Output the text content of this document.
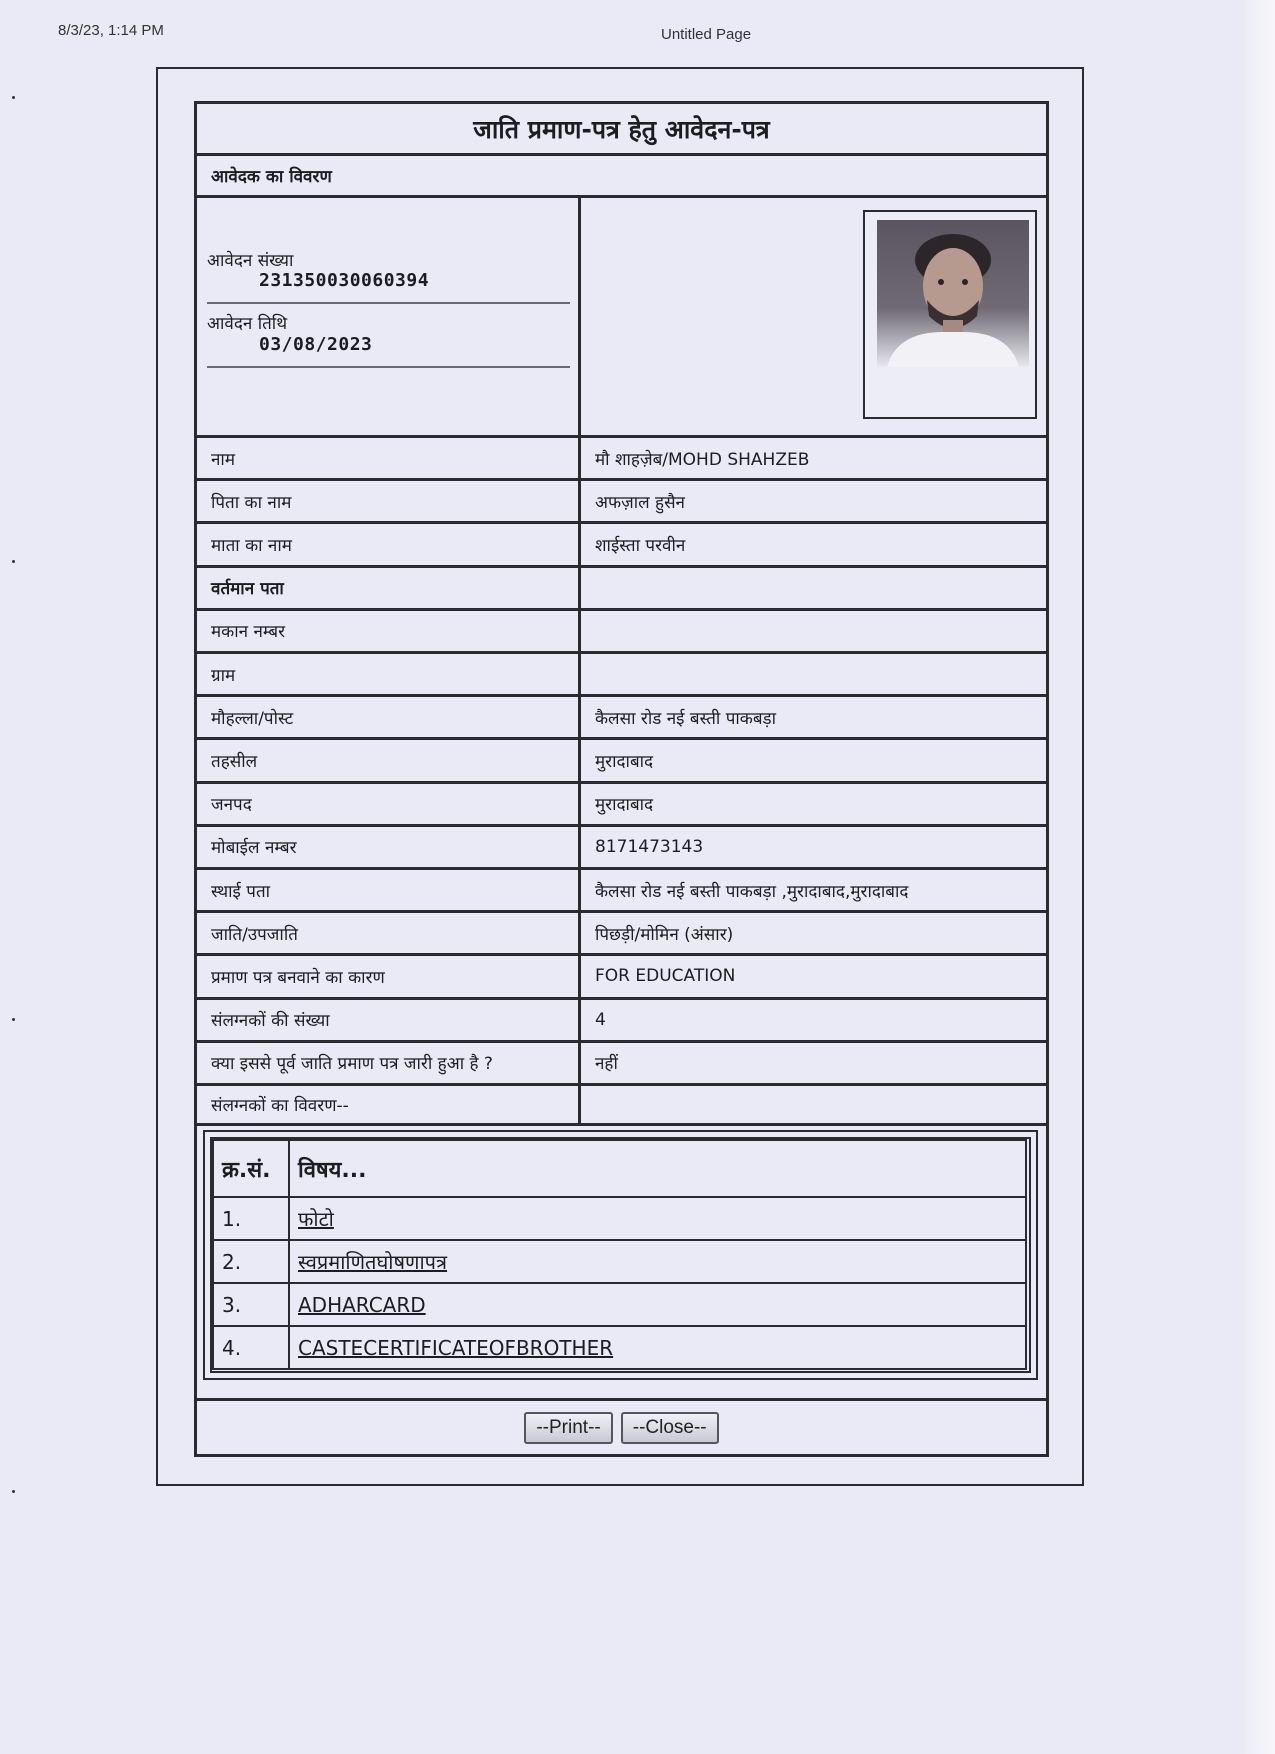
8/3/23, 1:14 PM	Untitled Page
जाति प्रमाण-पत्र हेतु आवेदन-पत्र
आवेदक का विवरण
आवेदन संख्या
231350030060394
आवेदन तिथि
03/08/2023
नाम	मौ शाहज़ेब/MOHD SHAHZEB
पिता का नाम	अफज़ाल हुसैन
माता का नाम	शाईस्ता परवीन
वर्तमान पता
मकान नम्बर
ग्राम
मौहल्ला/पोस्ट	कैलसा रोड नई बस्ती पाकबड़ा
तहसील	मुरादाबाद
जनपद	मुरादाबाद
मोबाईल नम्बर	8171473143
स्थाई पता	कैलसा रोड नई बस्ती पाकबड़ा ,मुरादाबाद,मुरादाबाद
जाति/उपजाति	पिछड़ी/मोमिन (अंसार)
प्रमाण पत्र बनवाने का कारण	FOR EDUCATION
संलग्नकों की संख्या	4
क्या इससे पूर्व जाति प्रमाण पत्र जारी हुआ है ?	नहीं
संलग्नकों का विवरण--
क्र.सं.	विषय...
1.	फोटो
2.	स्वप्रमाणितघोषणापत्र
3.	ADHARCARD
4.	CASTECERTIFICATEOFBROTHER
--Print--	--Close--
